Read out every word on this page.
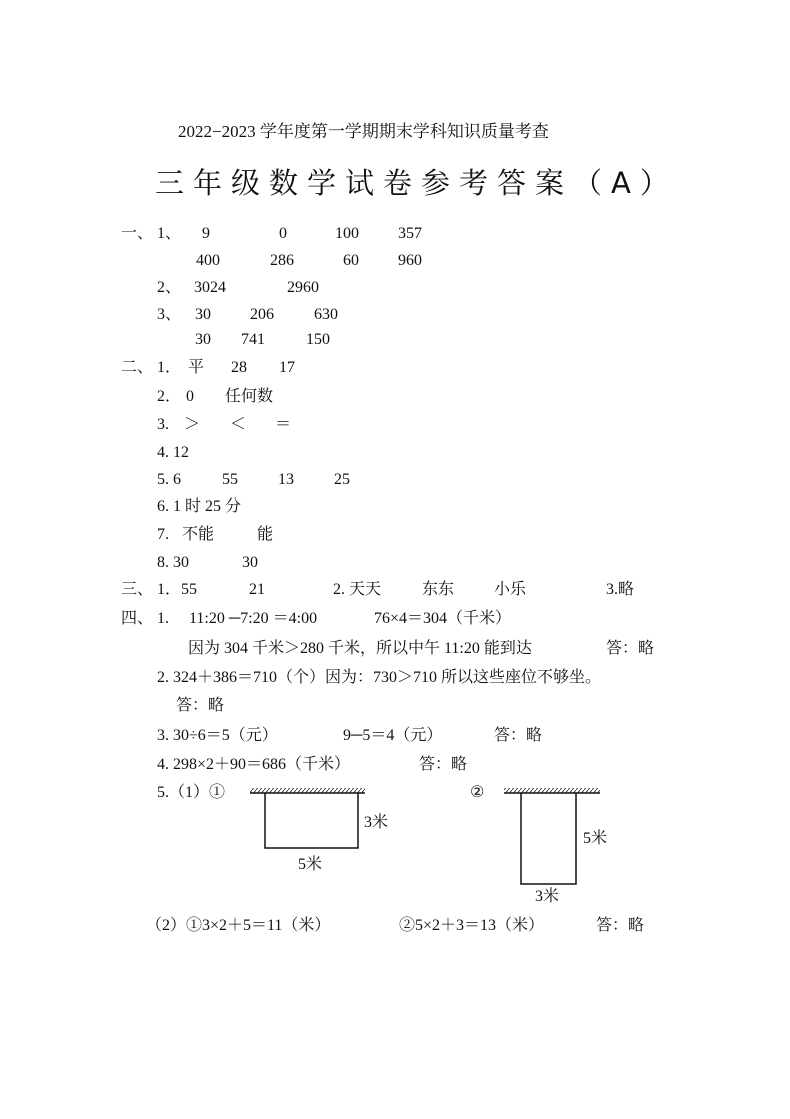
2022−2023 学年度第一学期期末学科知识质量考查
三年级数学试卷参考答案（A）
一、 1、 9	0	100 357
400	286	60 960
2、 3024	2960
3、 30 206	630
30 741	150
二、 1． 平 28 17
2． 0 任何数
3. ＞ ＜ ＝
4. 12
5. 6	55	13	25
6. 1 时 25 分
7. 不能	能
8. 30	30
三、 1．55	21	2. 天天	东东 小乐	3.略
四、 1. 11:20 ─7:20 ＝4:00	76×4＝304（千米）
因为 304 千米＞280 千米，所以中午 11:20 能到达	答：略
2. 324＋386＝710（个）因为：730＞710 所以这些座位不够坐。
答：略
3. 30÷6＝5（元）	9─5＝4（元）	答：略
4. 298×2＋90＝686（千米）	答：略
5.（1）①	②
3米
5米
5米
3米
（2） ①3×2＋5＝11（米）	②5×2＋3＝13（米）	答：略
